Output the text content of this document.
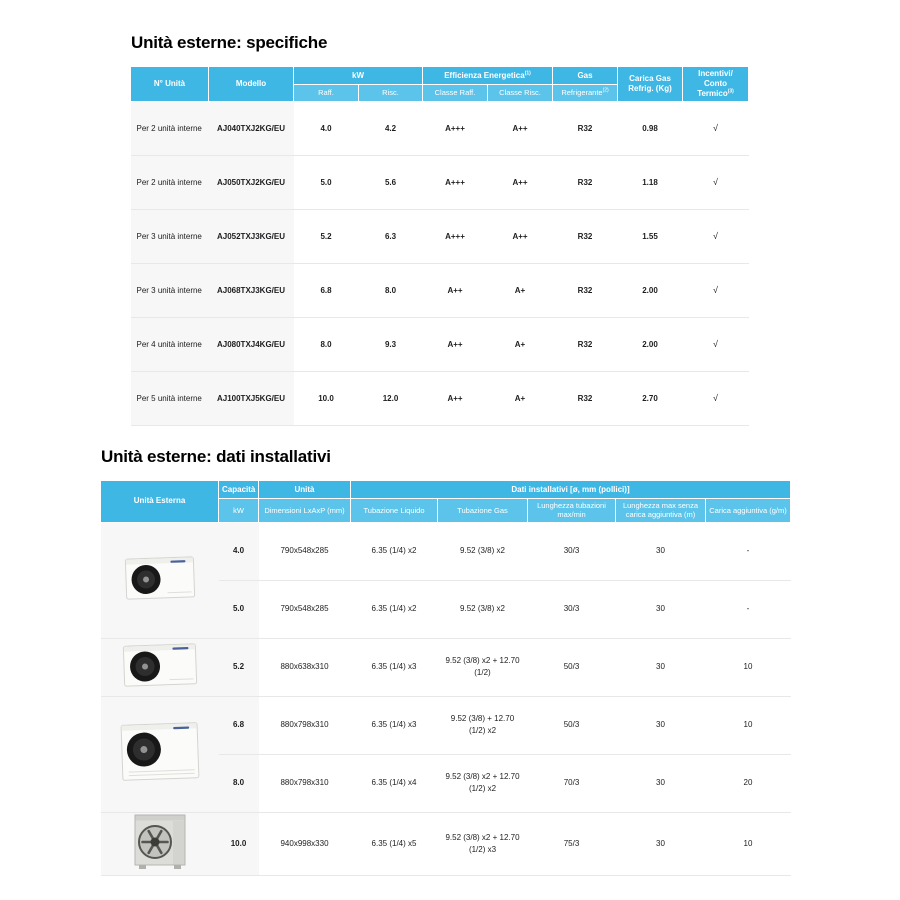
Unità esterne: specifiche
N° Unità	Modello	kW		Efficienza Energetica$^{(1)}$		Gas	Carica Gas Refrig. (Kg)	Incentivi/ Conto Termico$^{(3)}$
		Raff.	Risc.	Classe Raff.	Classe Risc.	Refrigerante$^{(2)}$
Per 2 unità interne	AJ040TXJ2KG/EU	4.0	4.2	A+++	A++	R32	0.98	√
Per 2 unità interne	AJ050TXJ2KG/EU	5.0	5.6	A+++	A++	R32	1.18	√
Per 3 unità interne	AJ052TXJ3KG/EU	5.2	6.3	A+++	A++	R32	1.55	√
Per 3 unità interne	AJ068TXJ3KG/EU	6.8	8.0	A++	A+	R32	2.00	√
Per 4 unità interne	AJ080TXJ4KG/EU	8.0	9.3	A++	A+	R32	2.00	√
Per 5 unità interne	AJ100TXJ5KG/EU	10.0	12.0	A++	A+	R32	2.70	√
Unità esterne: dati installativi
Unità Esterna	Capacità	Unità	Dati installativi [ø, mm (pollici)]				
	kW	Dimensioni LxAxP (mm)	Tubazione Liquido	Tubazione Gas	Lunghezza tubazioni max/min	Lunghezza max senza carica aggiuntiva (m)	Carica aggiuntiva (g/m)
	4.0	790x548x285	6.35 (1/4) x2	9.52 (3/8) x2	30/3	30	-
	5.0	790x548x285	6.35 (1/4) x2	9.52 (3/8) x2	30/3	30	-
	5.2	880x638x310	6.35 (1/4) x3	9.52 (3/8) x2 + 12.70 (1/2)	50/3	30	10
	6.8	880x798x310	6.35 (1/4) x3	9.52 (3/8) + 12.70 (1/2) x2	50/3	30	10
	8.0	880x798x310	6.35 (1/4) x4	9.52 (3/8) x2 + 12.70 (1/2) x2	70/3	30	20
	10.0	940x998x330	6.35 (1/4) x5	9.52 (3/8) x2 + 12.70 (1/2) x3	75/3	30	10
